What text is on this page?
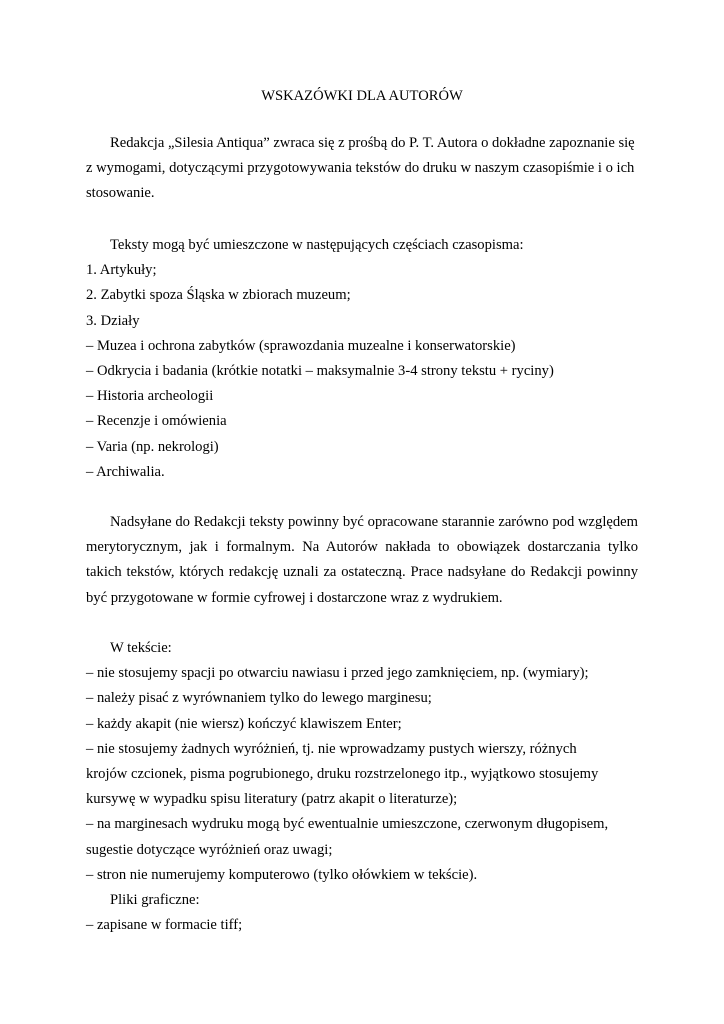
WSKAZÓWKI DLA AUTORÓW
Redakcja „Silesia Antiqua” zwraca się z prośbą do P. T. Autora o dokładne zapoznanie się
z wymogami, dotyczącymi przygotowywania tekstów do druku w naszym czasopiśmie i o ich
stosowanie.
Teksty mogą być umieszczone w następujących częściach czasopisma:
1. Artykuły;
2. Zabytki spoza Śląska w zbiorach muzeum;
3. Działy
– Muzea i ochrona zabytków (sprawozdania muzealne i konserwatorskie)
– Odkrycia i badania (krótkie notatki – maksymalnie 3-4 strony tekstu + ryciny)
– Historia archeologii
– Recenzje i omówienia
– Varia (np. nekrologi)
– Archiwalia.
Nadsyłane do Redakcji teksty powinny być opracowane starannie zarówno pod względem
merytorycznym, jak i formalnym. Na Autorów nakłada to obowiązek dostarczania tylko
takich tekstów, których redakcję uznali za ostateczną. Prace nadsyłane do Redakcji powinny
być przygotowane w formie cyfrowej i dostarczone wraz z wydrukiem.
W tekście:
– nie stosujemy spacji po otwarciu nawiasu i przed jego zamknięciem, np. (wymiary);
– należy pisać z wyrównaniem tylko do lewego marginesu;
– każdy akapit (nie wiersz) kończyć klawiszem Enter;
– nie stosujemy żadnych wyróżnień, tj. nie wprowadzamy pustych wierszy, różnych
krojów czcionek, pisma pogrubionego, druku rozstrzelonego itp., wyjątkowo stosujemy
kursywę w wypadku spisu literatury (patrz akapit o literaturze);
– na marginesach wydruku mogą być ewentualnie umieszczone, czerwonym długopisem,
sugestie dotyczące wyróżnień oraz uwagi;
– stron nie numerujemy komputerowo (tylko ołówkiem w tekście).
Pliki graficzne:
– zapisane w formacie tiff;
